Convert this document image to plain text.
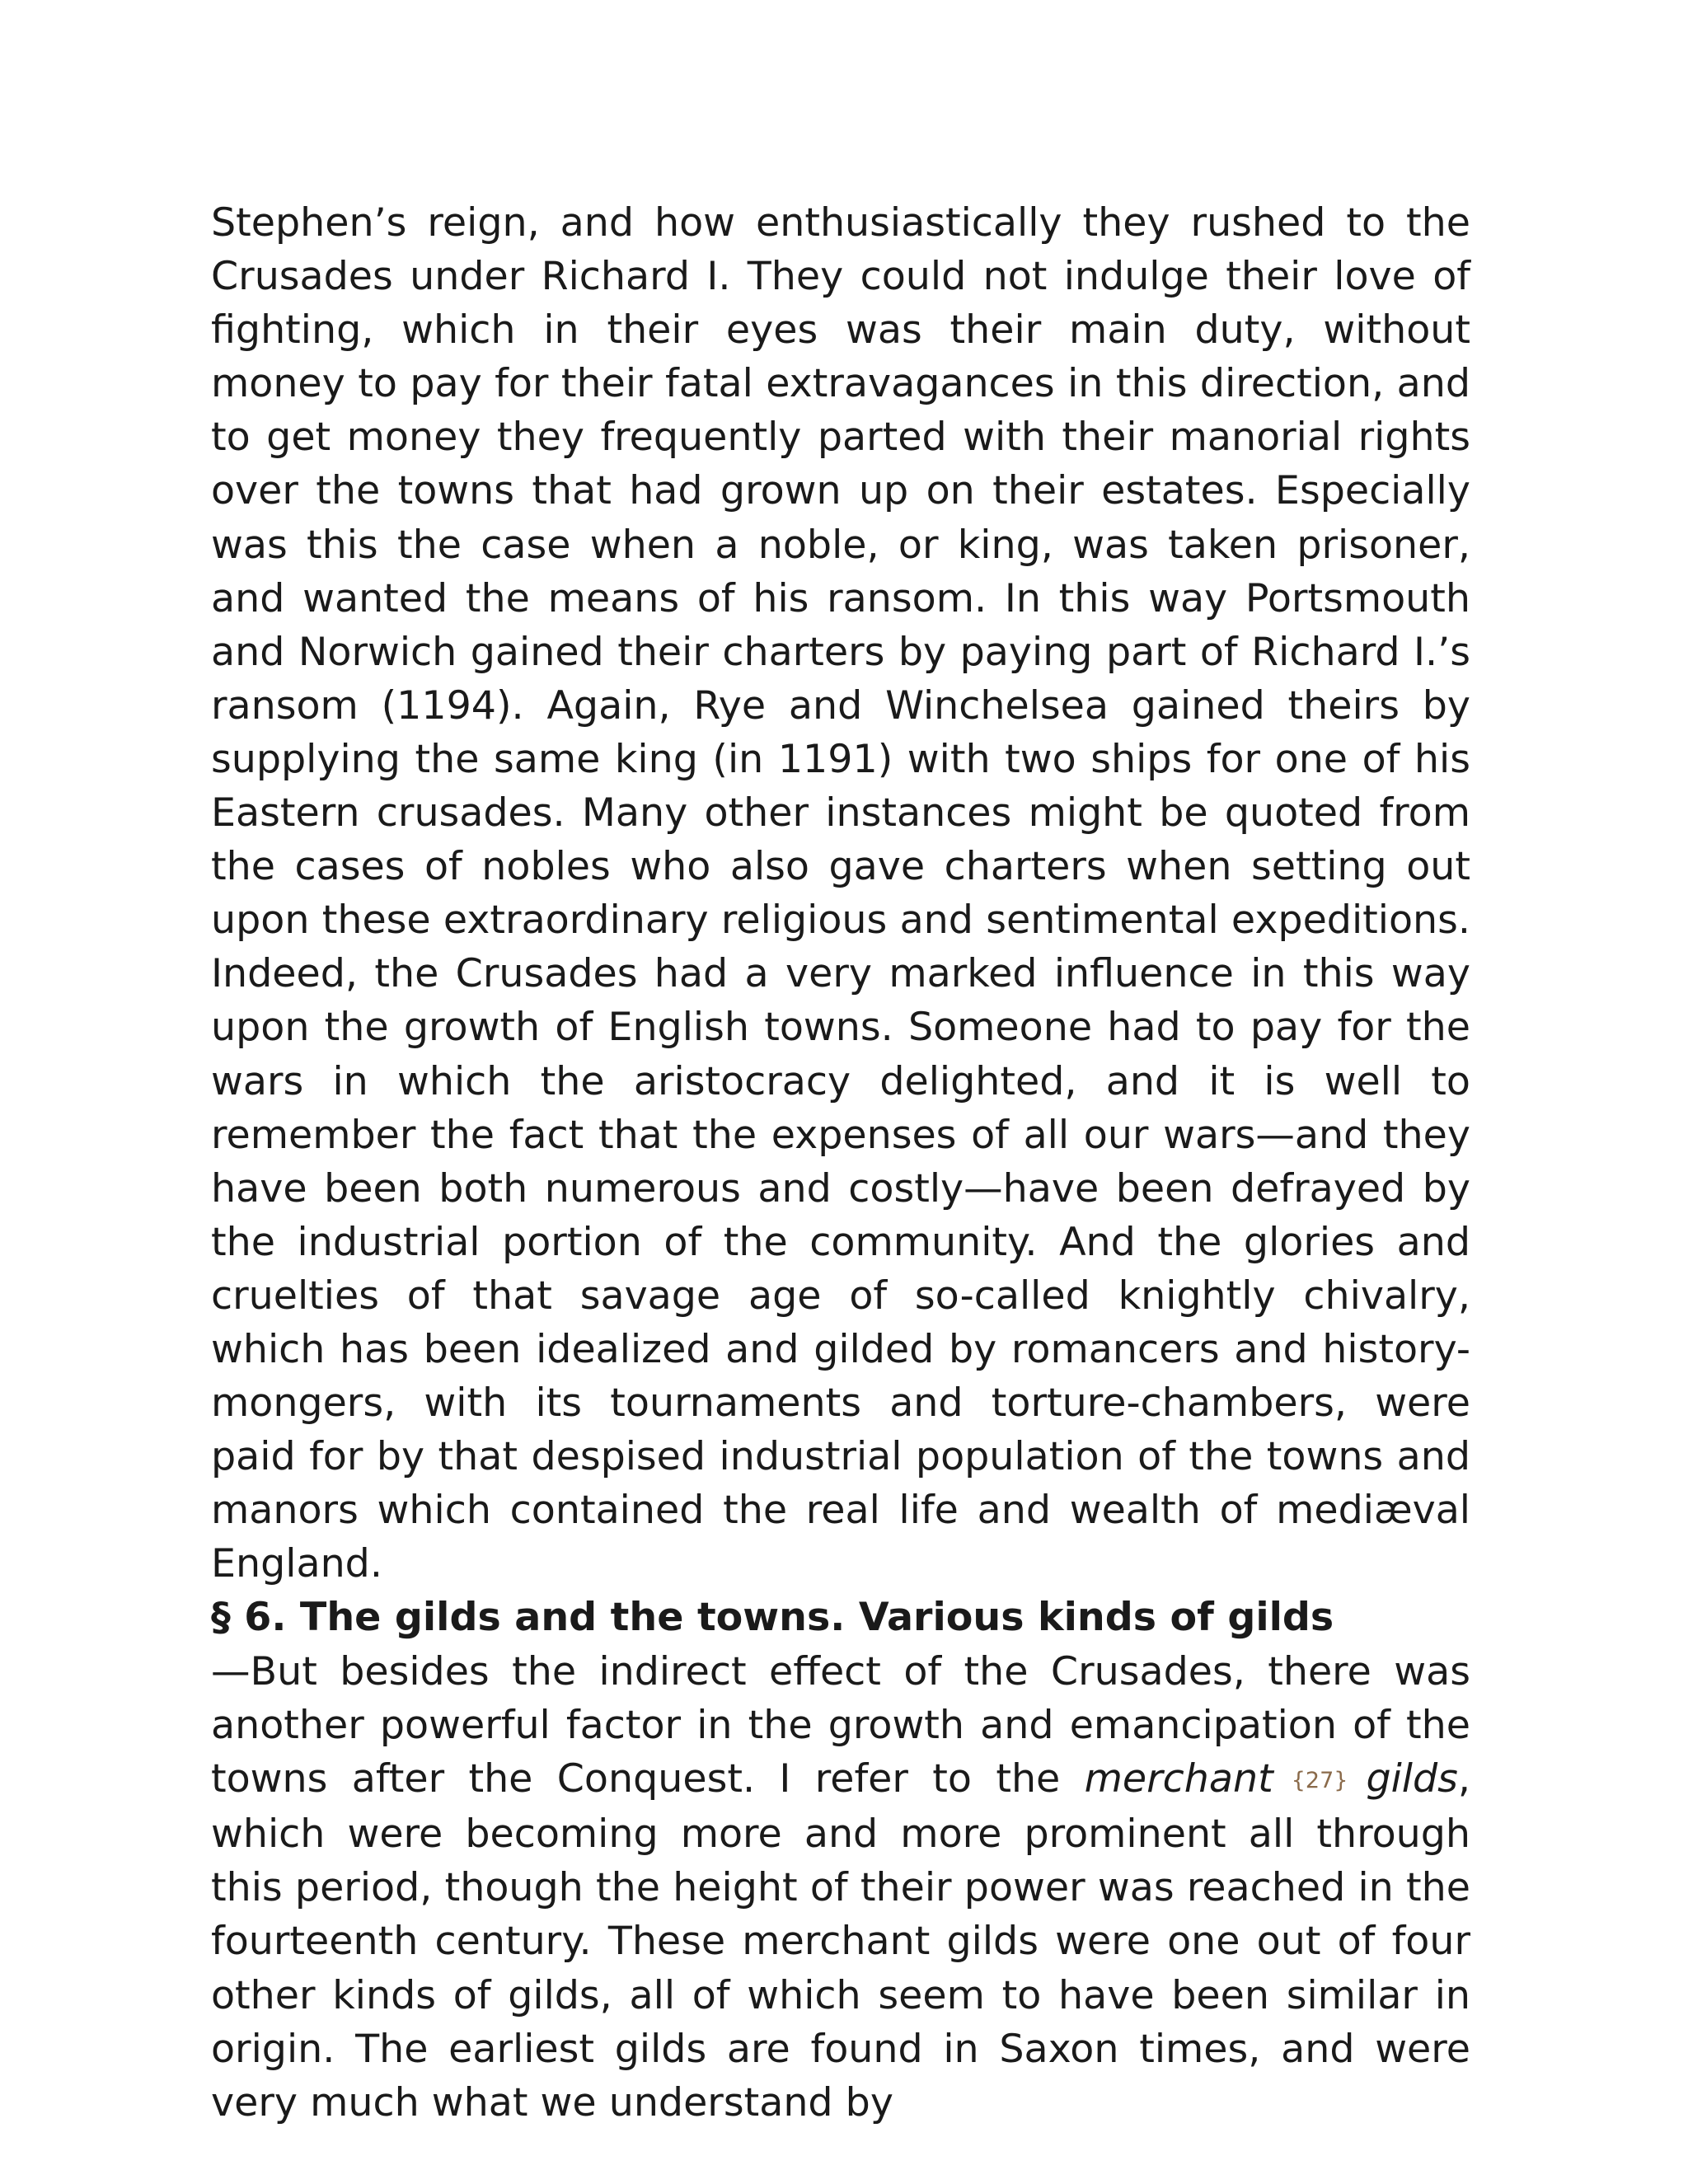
Stephen’s reign, and how enthusiastically they rushed to the Crusades under Richard I. They could not indulge their love of fighting, which in their eyes was their main duty, without money to pay for their fatal extravagances in this direction, and to get money they frequently parted with their manorial rights over the towns that had grown up on their estates. Especially was this the case when a noble, or king, was taken prisoner, and wanted the means of his ransom. In this way Portsmouth and Norwich gained their charters by paying part of Richard I.’s ransom (1194). Again, Rye and Winchelsea gained theirs by supplying the same king (in 1191) with two ships for one of his Eastern crusades. Many other instances might be quoted from the cases of nobles who also gave charters when setting out upon these extraordinary religious and sentimental expeditions. Indeed, the Crusades had a very marked influence in this way upon the growth of English towns. Someone had to pay for the wars in which the aristocracy delighted, and it is well to remember the fact that the expenses of all our wars—and they have been both numerous and costly—have been defrayed by the industrial portion of the community. And the glories and cruelties of that savage age of so-called knightly chivalry, which has been idealized and gilded by romancers and history-mongers, with its tournaments and torture-chambers, were paid for by that despised industrial population of the towns and manors which contained the real life and wealth of mediæval England.

§ 6. The gilds and the towns. Various kinds of gilds

—But besides the indirect effect of the Crusades, there was another powerful factor in the growth and emancipation of the towns after the Conquest. I refer to the merchant {27} gilds, which were becoming more and more prominent all through this period, though the height of their power was reached in the fourteenth century. These merchant gilds were one out of four other kinds of gilds, all of which seem to have been similar in origin. The earliest gilds are found in Saxon times, and were very much what we understand by
